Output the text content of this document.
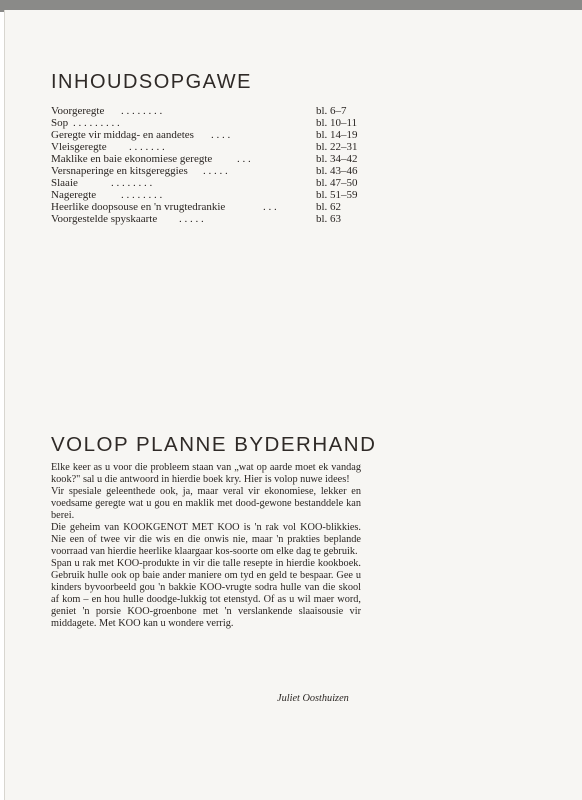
INHOUDSOPGAWE
Voorgeregte . . . . . . . .	bl. 6–7
Sop . . . . . . . . .	bl. 10–11
Geregte vir middag- en aandetes . . . .	bl. 14–19
Vleisgeregte . . . . . . .	bl. 22–31
Maklike en baie ekonomiese geregte . . .	bl. 34–42
Versnaperinge en kitsgereggies . . . . .	bl. 43–46
Slaaie	. . . . . . . .	bl. 47–50
Nageregte . . . . . . . .	bl. 51–59
Heerlike doopsouse en 'n vrugtedrankie	. . .	bl. 62
Voorgestelde spyskaarte . . . . .	bl. 63
VOLOP PLANNE BYDERHAND

Elke keer as u voor die probleem staan van „wat op aarde moet ek vandag kook?" sal u die antwoord in hierdie boek kry. Hier is volop nuwe idees!

Vir spesiale geleenthede ook, ja, maar veral vir ekonomiese, lekker en voedsame geregte wat u gou en maklik met dood-gewone bestanddele kan berei.

Die geheim van KOOKGENOT MET KOO is 'n rak vol KOO-blikkies. Nie een of twee vir die wis en die onwis nie, maar 'n prakties beplande voorraad van hierdie heerlike klaargaar kos-soorte om elke dag te gebruik.

Span u rak met KOO-produkte in vir die talle resepte in hierdie kookboek. Gebruik hulle ook op baie ander maniere om tyd en geld te bespaar. Gee u kinders byvoorbeeld gou 'n bakkie KOO-vrugte sodra hulle van die skool af kom – en hou hulle doodge-lukkig tot etenstyd. Of as u wil maer word, geniet 'n porsie KOO-groenbone met 'n verslankende slaaisousie vir middagete. Met KOO kan u wondere verrig.

Juliet Oosthuizen
